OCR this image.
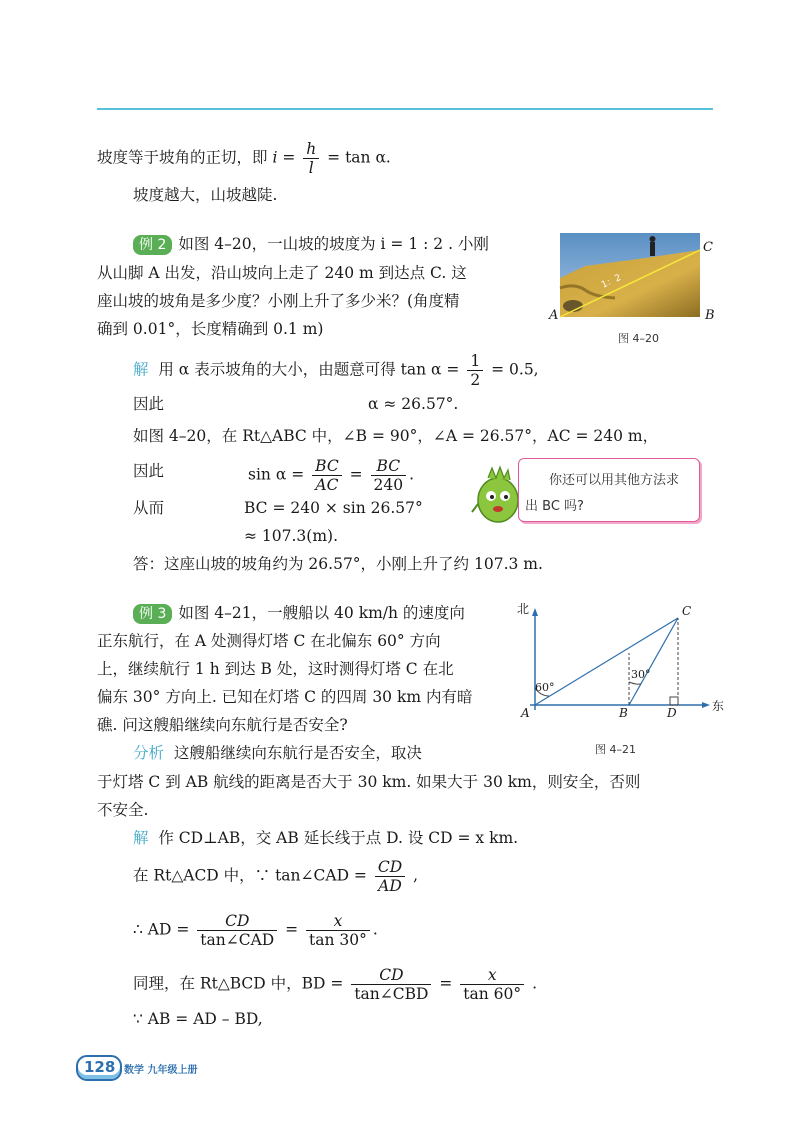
坡度等于坡角的正切，即 $i = \frac{h}{l} = \tan \alpha$.
坡度越大，山坡越陡.
例 2 如图 4–20，一山坡的坡度为 i = 1 : 2 . 小刚
从山脚 A 出发，沿山坡向上走了 240 m 到达点 C. 这
座山坡的坡角是多少度？小刚上升了多少米？(角度精
确到 0.01°，长度精确到 0.1 m)
1：2
A	B
C
图 4–20
解 用 α 表示坡角的大小，由题意可得 $\tan \alpha = \frac{1}{2} = 0.5$,
因此	α ≈ 26.57°.
如图 4–20，在 Rt△ABC 中，∠B = 90°，∠A = 26.57°，AC = 240 m，
因此	$\sin \alpha = \frac{BC}{AC} = \frac{BC}{240}$ .
从而	BC = 240 × sin 26.57°
≈ 107.3(m).
答：这座山坡的坡角约为 26.57°，小刚上升了约 107.3 m.
你还可以用其他方法求
出 BC 吗?
例 3 如图 4–21，一艘船以 40 km/h 的速度向
正东航行，在 A 处测得灯塔 C 在北偏东 60° 方向
上，继续航行 1 h 到达 B 处，这时测得灯塔 C 在北
偏东 30° 方向上. 已知在灯塔 C 的四周 30 km 内有暗
礁. 问这艘船继续向东航行是否安全?
北
东
A	B
C
D
60°
30°
图 4–21
分析 这艘船继续向东航行是否安全，取决
于灯塔 C 到 AB 航线的距离是否大于 30 km. 如果大于 30 km，则安全，否则
不安全.
解 作 CD⊥AB，交 AB 延长线于点 D. 设 CD = x km.
在 Rt△ACD 中，∵ tan∠CAD = $\frac{CD}{AD}$ ,
∴ AD = $\frac{CD}{\text{tan∠CAD}} = \frac{x}{\tan 30^\circ}$ .
同理，在 Rt△BCD 中，BD = $\frac{CD}{\text{tan∠CBD}} = \frac{x}{\tan 60^\circ}$ .
∵ AB = AD – BD,
128 数学 九年级上册
